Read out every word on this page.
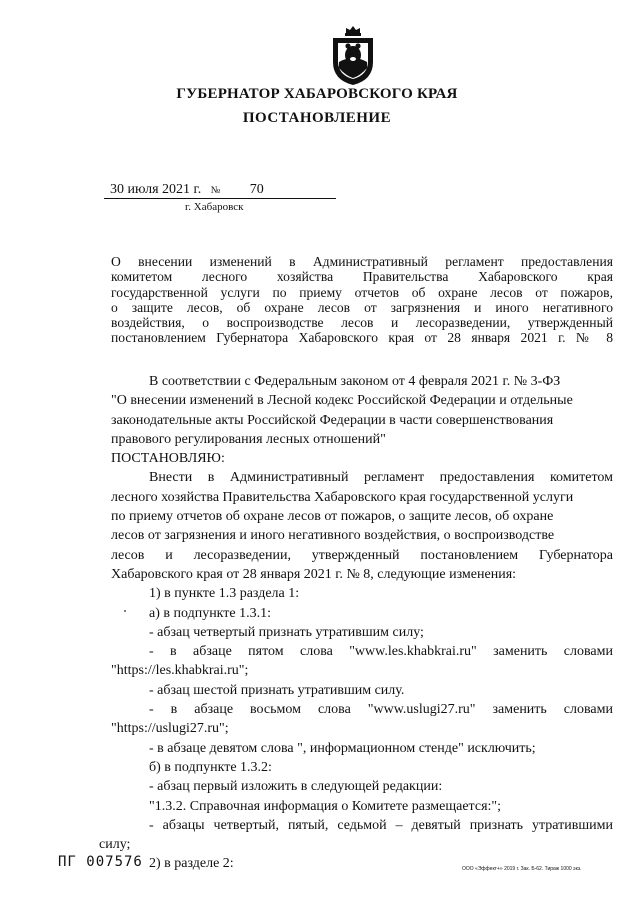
ГУБЕРНАТОР ХАБАРОВСКОГО КРАЯ
ПОСТАНОВЛЕНИЕ
30 июля 2021 г. № 70
г. Хабаровск
О внесении изменений в Административный регламент предоставления
комитетом лесного хозяйства Правительства Хабаровского края
государственной услуги по приему отчетов об охране лесов от пожаров,
о защите лесов, об охране лесов от загрязнения и иного негативного
воздействия, о воспроизводстве лесов и лесоразведении, утвержденный
постановлением Губернатора Хабаровского края от 28 января 2021 г. № 8
В соответствии с Федеральным законом от 4 февраля 2021 г. № 3-ФЗ
"О внесении изменений в Лесной кодекс Российской Федерации и отдельные
законодательные акты Российской Федерации в части совершенствования
правового регулирования лесных отношений"
ПОСТАНОВЛЯЮ:
Внести в Административный регламент предоставления комитетом
лесного хозяйства Правительства Хабаровского края государственной услуги
по приему отчетов об охране лесов от пожаров, о защите лесов, об охране
лесов от загрязнения и иного негативного воздействия, о воспроизводстве
лесов и лесоразведении, утвержденный постановлением Губернатора
Хабаровского края от 28 января 2021 г. № 8, следующие изменения:
1) в пункте 1.3 раздела 1:
а) в подпункте 1.3.1:
- абзац четвертый признать утратившим силу;
- в абзаце пятом слова "www.les.khabkrai.ru" заменить словами
"https://les.khabkrai.ru";
- абзац шестой признать утратившим силу.
- в абзаце восьмом слова "www.uslugi27.ru" заменить словами
"https://uslugi27.ru";
- в абзаце девятом слова ", информационном стенде" исключить;
б) в подпункте 1.3.2:
- абзац первый изложить в следующей редакции:
"1.3.2. Справочная информация о Комитете размещается:";
- абзацы четвертый, пятый, седьмой – девятый признать утратившими
силу;
2) в разделе 2:
ПГ 007576	ООО «Эффект+» 2019 г. Зак. Б-62. Тираж 1000 экз.
